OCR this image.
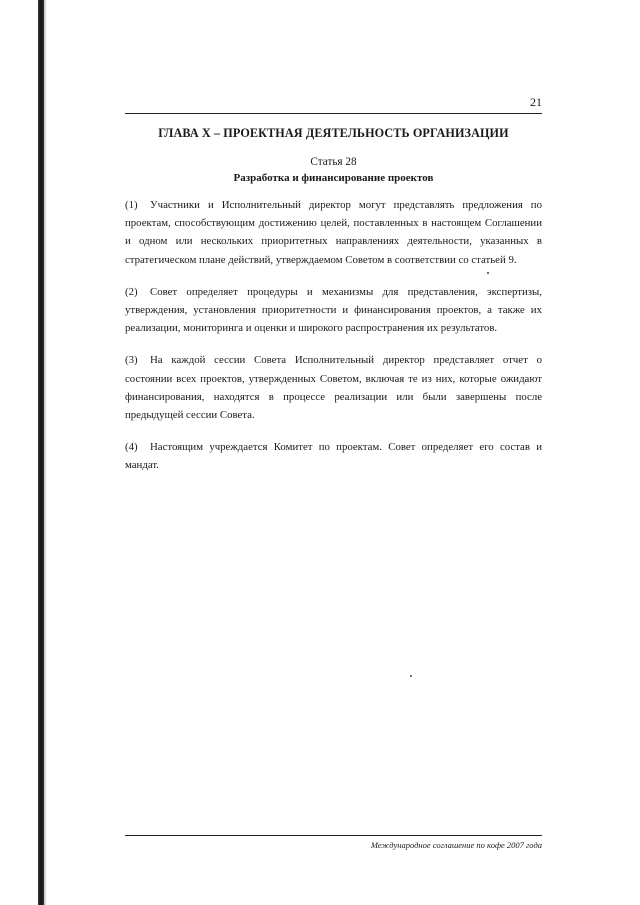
21
ГЛАВА X – ПРОЕКТНАЯ ДЕЯТЕЛЬНОСТЬ ОРГАНИЗАЦИИ
Статья 28
Разработка и финансирование проектов

(1) Участники и Исполнительный директор могут представлять предложения по проектам, способствующим достижению целей, поставленных в настоящем Соглашении и одном или нескольких приоритетных направлениях деятельности, указанных в стратегическом плане действий, утверждаемом Советом в соответствии со статьей 9.

(2) Совет определяет процедуры и механизмы для представления, экспертизы, утверждения, установления приоритетности и финансирования проектов, а также их реализации, мониторинга и оценки и широкого распространения их результатов.

(3) На каждой сессии Совета Исполнительный директор представляет отчет о состоянии всех проектов, утвержденных Советом, включая те из них, которые ожидают финансирования, находятся в процессе реализации или были завершены после предыдущей сессии Совета.

(4) Настоящим учреждается Комитет по проектам. Совет определяет его состав и мандат.

Международное соглашение по кофе 2007 года
